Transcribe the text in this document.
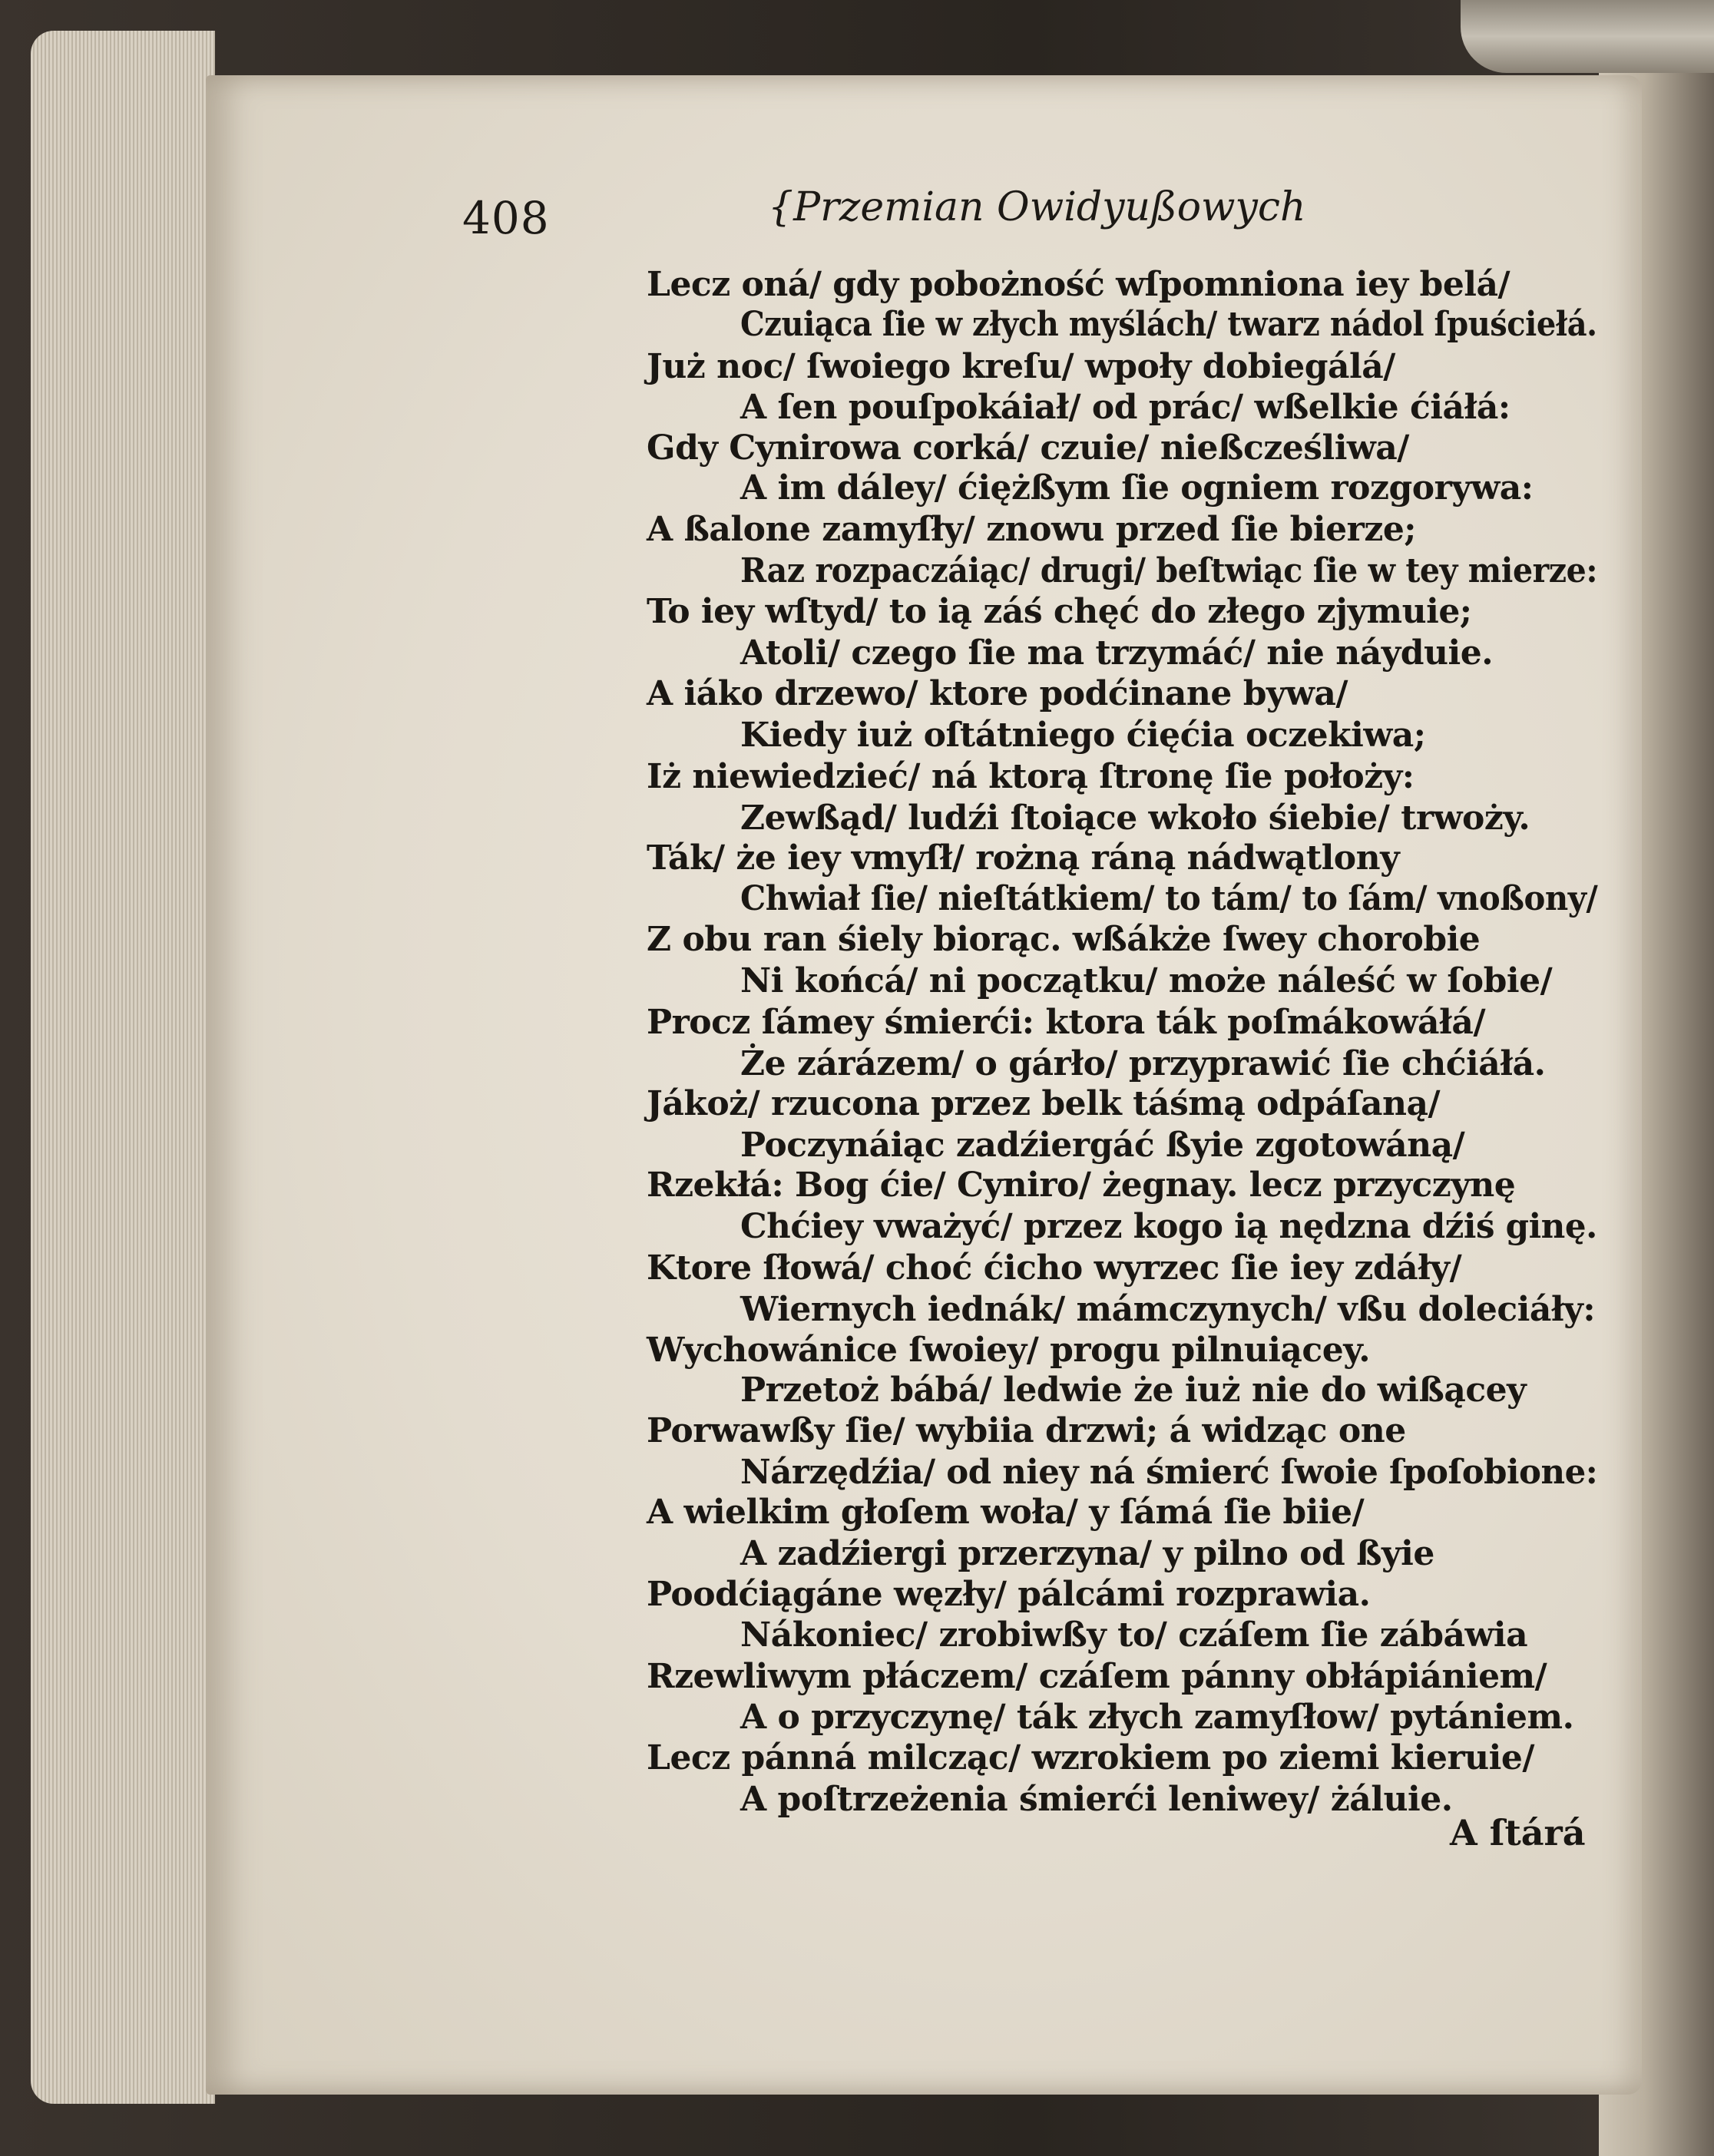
408	{Przemian Owidyußowych
Lecz oná/ gdy pobożność wſpomniona iey belá/
Czuiąca ſie w złych myślách/ twarz nádol ſpuściełá.
Już noc/ ſwoiego kreſu/ wpoły dobiegálá/
A ſen pouſpokáiał/ od prác/ wßelkie ćiáłá:
Gdy Cynirowa corká/ czuie/ nießcześliwa/
A im dáley/ ćiężßym ſie ogniem rozgorywa:
A ßalone zamyſły/ znowu przed ſie bierze;
Raz rozpaczáiąc/ drugi/ beſtwiąc ſie w tey mierze:
To iey wſtyd/ to ią záś chęć do złego zjymuie;
Atoli/ czego ſie ma trzymáć/ nie náyduie.
A iáko drzewo/ ktore podćinane bywa/
Kiedy iuż oſtátniego ćięćia oczekiwa;
Iż niewiedzieć/ ná ktorą ſtronę ſie położy:
Zewßąd/ ludźi ſtoiące wkoło śiebie/ trwoży.
Ták/ że iey vmyſł/ rożną ráną nádwątlony
Chwiał ſie/ nieſtátkiem/ to tám/ to ſám/ vnoßony/
Z obu ran śiely biorąc. wßákże ſwey chorobie
Ni końcá/ ni początku/ może náleść w ſobie/
Procz ſámey śmierći: ktora ták poſmákowáłá/
Że zárázem/ o gárło/ przyprawić ſie chćiáłá.
Jákoż/ rzucona przez belk táśmą odpáſaną/
Poczynáiąc zadźiergáć ßyie zgotowáną/
Rzekłá: Bog ćie/ Cyniro/ żegnay. lecz przyczynę
Chćiey vważyć/ przez kogo ią nędzna dźiś ginę.
Ktore ſłowá/ choć ćicho wyrzec ſie iey zdáły/
Wiernych iednák/ mámczynych/ vßu doleciáły:
Wychowánice ſwoiey/ progu pilnuiącey.
Przetoż bábá/ ledwie że iuż nie do wißącey
Porwawßy ſie/ wybiia drzwi; á widząc one
Nárzędźia/ od niey ná śmierć ſwoie ſpoſobione:
A wielkim głoſem woła/ y ſámá ſie biie/
A zadźiergi przerzyna/ y pilno od ßyie
Poodćiągáne węzły/ pálcámi rozprawia.
Nákoniec/ zrobiwßy to/ czáſem ſie zábáwia
Rzewliwym płáczem/ czáſem pánny obłápiániem/
A o przyczynę/ ták złych zamyſłow/ pytániem.
Lecz pánná milcząc/ wzrokiem po ziemi kieruie/
A poſtrzeżenia śmierći leniwey/ żáluie.
A ſtárá
